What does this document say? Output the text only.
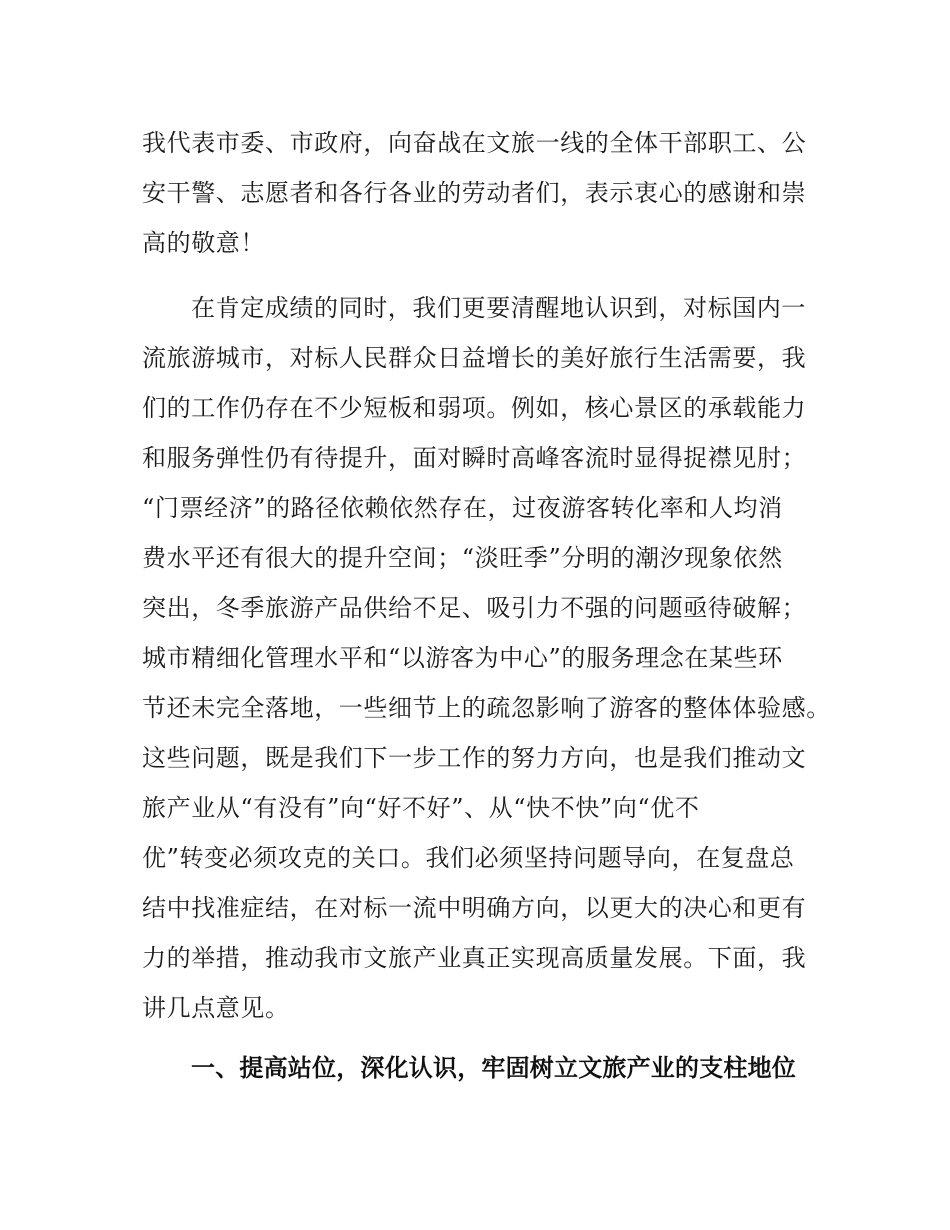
我代表市委、市政府，向奋战在文旅一线的全体干部职工、公
安干警、志愿者和各行各业的劳动者们，表示衷心的感谢和崇
高的敬意！

在肯定成绩的同时，我们更要清醒地认识到，对标国内一
流旅游城市，对标人民群众日益增长的美好旅行生活需要，我
们的工作仍存在不少短板和弱项。例如，核心景区的承载能力
和服务弹性仍有待提升，面对瞬时高峰客流时显得捉襟见肘；
“门票经济”的路径依赖依然存在，过夜游客转化率和人均消
费水平还有很大的提升空间；“淡旺季”分明的潮汐现象依然
突出，冬季旅游产品供给不足、吸引力不强的问题亟待破解；
城市精细化管理水平和“以游客为中心”的服务理念在某些环
节还未完全落地，一些细节上的疏忽影响了游客的整体体验感。
这些问题，既是我们下一步工作的努力方向，也是我们推动文
旅产业从“有没有”向“好不好”、从“快不快”向“优不
优”转变必须攻克的关口。我们必须坚持问题导向，在复盘总
结中找准症结，在对标一流中明确方向，以更大的决心和更有
力的举措，推动我市文旅产业真正实现高质量发展。下面，我
讲几点意见。

一、提高站位，深化认识，牢固树立文旅产业的支柱地位
